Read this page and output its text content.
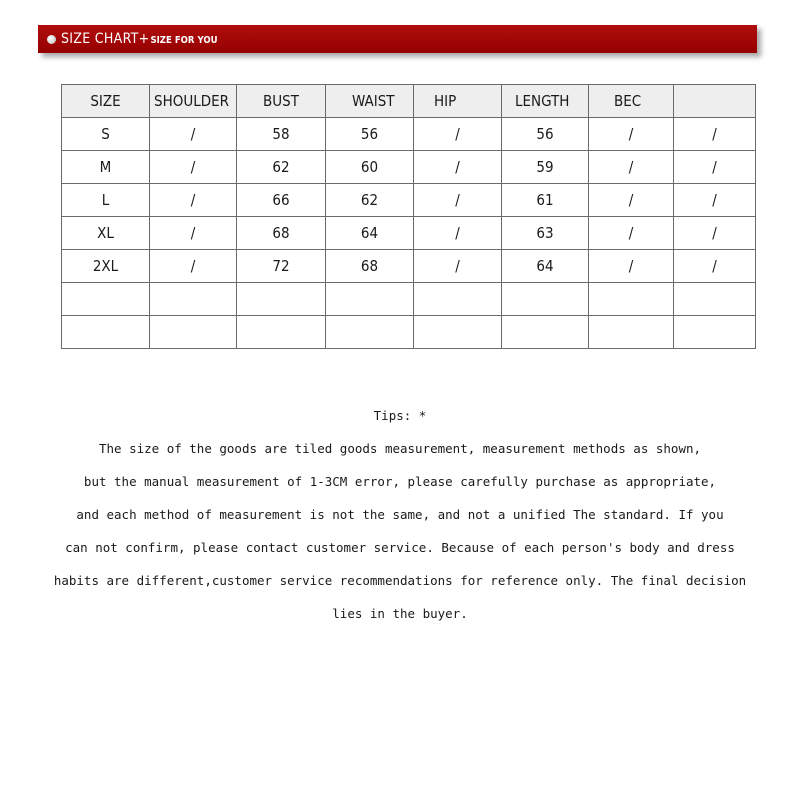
SIZE CHART+ SIZE FOR YOU
SIZE	SHOULDER	BUST	WAIST	HIP	LENGTH	BEC	
S	/	58	56	/	56	/	/
M	/	62	60	/	59	/	/
L	/	66	62	/	61	/	/
XL	/	68	64	/	63	/	/
2XL	/	72	68	/	64	/	/

Tips: *
The size of the goods are tiled goods measurement, measurement methods as shown,
but the manual measurement of 1-3CM error, please carefully purchase as appropriate,
and each method of measurement is not the same, and not a unified The standard. If you
can not confirm, please contact customer service. Because of each person's body and dress
habits are different,customer service recommendations for reference only. The final decision
lies in the buyer.
